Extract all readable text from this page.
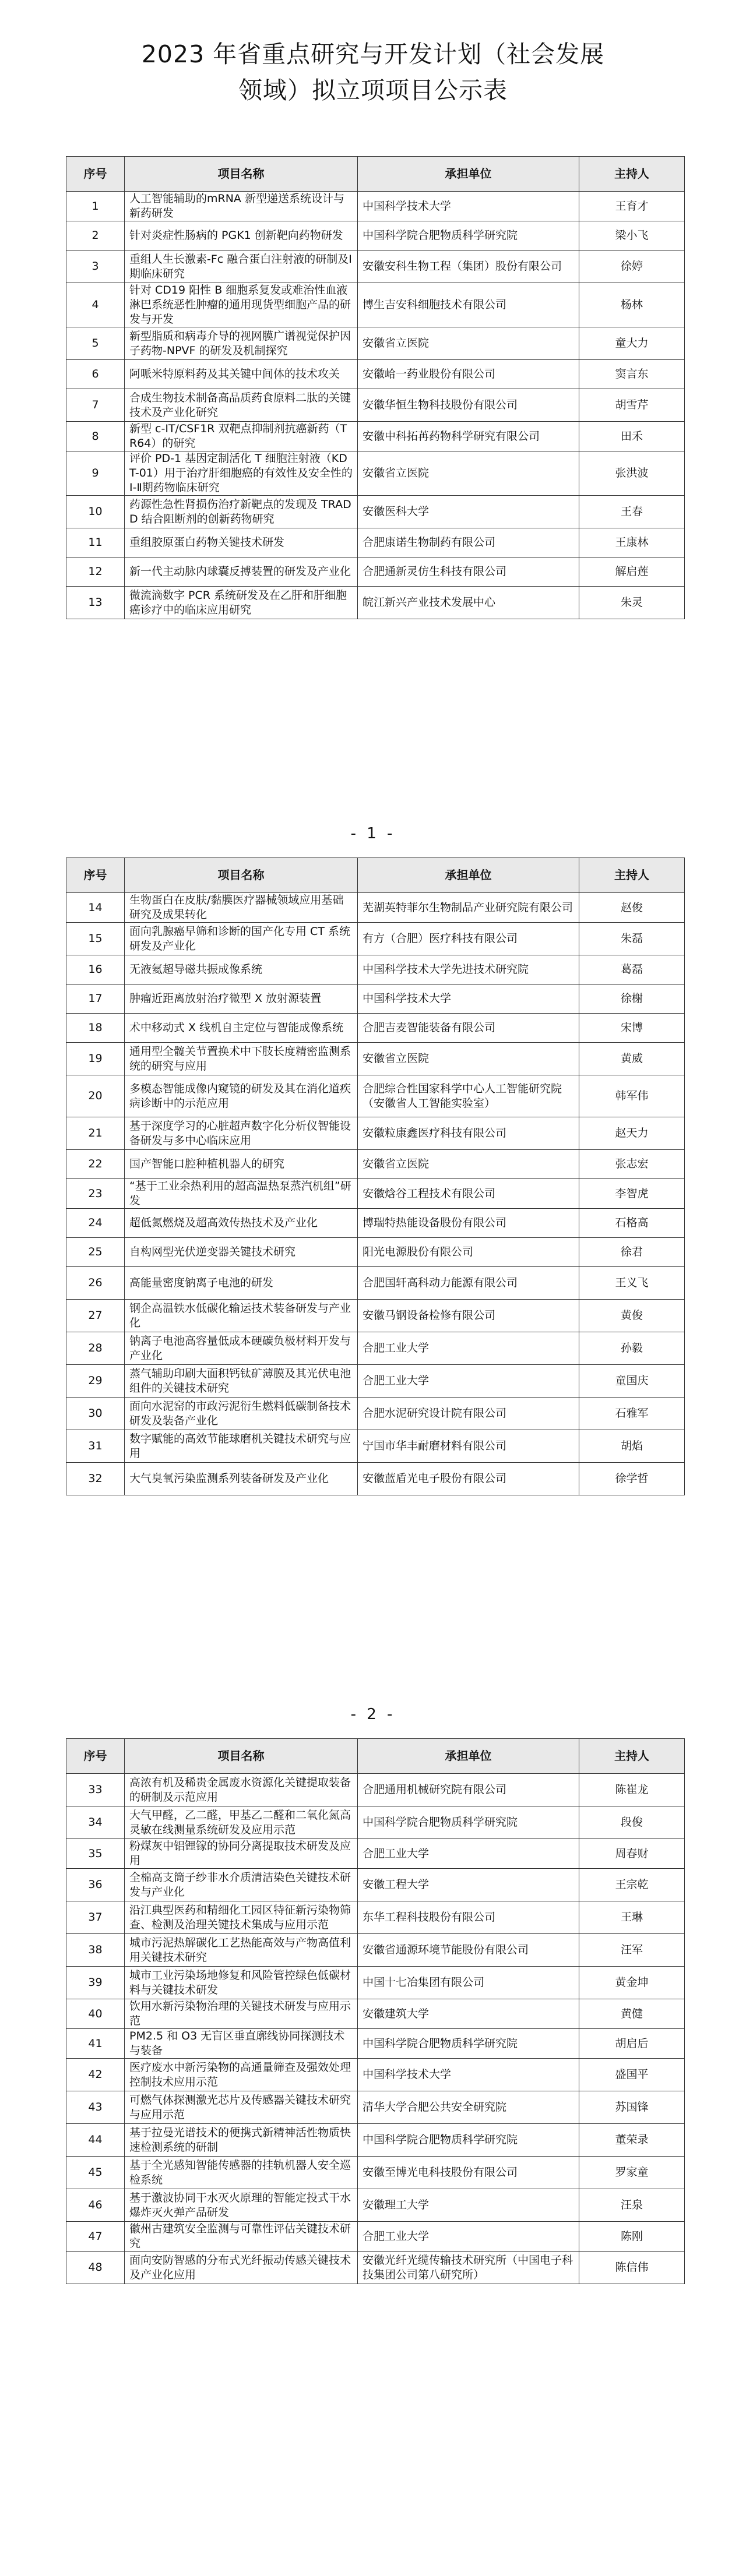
2023 年省重点研究与开发计划（社会发展
领域）拟立项项目公示表
序号	项目名称	承担单位	主持人
1	人工智能辅助的mRNA 新型递送系统设计与新药研发	中国科学技术大学	王育才
2	针对炎症性肠病的 PGK1 创新靶向药物研发	中国科学院合肥物质科学研究院	梁小飞
3	重组人生长激素-Fc 融合蛋白注射液的研制及Ⅰ期临床研究	安徽安科生物工程（集团）股份有限公司	徐婷
4	针对 CD19 阳性 B 细胞系复发或难治性血液淋巴系统恶性肿瘤的通用现货型细胞产品的研发与开发	博生吉安科细胞技术有限公司	杨林
5	新型脂质和病毒介导的视网膜广谱视觉保护因子药物-NPVF 的研发及机制探究	安徽省立医院	童大力
6	阿哌米特原料药及其关键中间体的技术攻关	安徽峆一药业股份有限公司	窦言东
7	合成生物技术制备高品质药食原料二肽的关键技术及产业化研究	安徽华恒生物科技股份有限公司	胡雪芹
8	新型 c-IT/CSF1R 双靶点抑制剂抗癌新药（TR64）的研究	安徽中科拓苒药物科学研究有限公司	田禾
9	评价 PD-1 基因定制活化 T 细胞注射液（KDT-01）用于治疗肝细胞癌的有效性及安全性的Ⅰ-Ⅱ期药物临床研究	安徽省立医院	张洪波
10	药源性急性肾损伤治疗新靶点的发现及 TRADD 结合阻断剂的创新药物研究	安徽医科大学	王春
11	重组胶原蛋白药物关键技术研发	合肥康诺生物制药有限公司	王康林
12	新一代主动脉内球囊反搏装置的研发及产业化	合肥通新灵仿生科技有限公司	解启莲
13	微流滴数字 PCR 系统研发及在乙肝和肝细胞癌诊疗中的临床应用研究	皖江新兴产业技术发展中心	朱灵
- 1 -
序号	项目名称	承担单位	主持人
14	生物蛋白在皮肤/黏膜医疗器械领域应用基础研究及成果转化	芜湖英特菲尔生物制品产业研究院有限公司	赵俊
15	面向乳腺癌早筛和诊断的国产化专用 CT 系统研发及产业化	有方（合肥）医疗科技有限公司	朱磊
16	无液氦超导磁共振成像系统	中国科学技术大学先进技术研究院	葛磊
17	肿瘤近距离放射治疗微型 X 放射源装置	中国科学技术大学	徐榭
18	术中移动式 X 线机自主定位与智能成像系统	合肥吉麦智能装备有限公司	宋博
19	通用型全髋关节置换术中下肢长度精密监测系统的研究与应用	安徽省立医院	黄威
20	多模态智能成像内窥镜的研发及其在消化道疾病诊断中的示范应用	合肥综合性国家科学中心人工智能研究院（安徽省人工智能实验室）	韩军伟
21	基于深度学习的心脏超声数字化分析仪智能设备研发与多中心临床应用	安徽粒康鑫医疗科技有限公司	赵天力
22	国产智能口腔种植机器人的研究	安徽省立医院	张志宏
23	“基于工业余热利用的超高温热泵蒸汽机组”研发	安徽焓谷工程技术有限公司	李智虎
24	超低氮燃烧及超高效传热技术及产业化	博瑞特热能设备股份有限公司	石格高
25	自构网型光伏逆变器关键技术研究	阳光电源股份有限公司	徐君
26	高能量密度钠离子电池的研发	合肥国轩高科动力能源有限公司	王义飞
27	钢企高温铁水低碳化输运技术装备研发与产业化	安徽马钢设备检修有限公司	黄俊
28	钠离子电池高容量低成本硬碳负极材料开发与产业化	合肥工业大学	孙毅
29	蒸气辅助印刷大面积钙钛矿薄膜及其光伏电池组件的关键技术研究	合肥工业大学	童国庆
30	面向水泥窑的市政污泥衍生燃料低碳制备技术研发及装备产业化	合肥水泥研究设计院有限公司	石雅军
31	数字赋能的高效节能球磨机关键技术研究与应用	宁国市华丰耐磨材料有限公司	胡焰
32	大气臭氧污染监测系列装备研发及产业化	安徽蓝盾光电子股份有限公司	徐学哲
- 2 -
序号	项目名称	承担单位	主持人
33	高浓有机及稀贵金属废水资源化关键提取装备的研制及示范应用	合肥通用机械研究院有限公司	陈崔龙
34	大气甲醛，乙二醛，甲基乙二醛和二氧化氮高灵敏在线测量系统研发及应用示范	中国科学院合肥物质科学研究院	段俊
35	粉煤灰中铝锂镓的协同分离提取技术研发及应用	合肥工业大学	周春财
36	全棉高支筒子纱非水介质清洁染色关键技术研发与产业化	安徽工程大学	王宗乾
37	沿江典型医药和精细化工园区特征新污染物筛查、检测及治理关键技术集成与应用示范	东华工程科技股份有限公司	王琳
38	城市污泥热解碳化工艺热能高效与产物高值利用关键技术研究	安徽省通源环境节能股份有限公司	汪军
39	城市工业污染场地修复和风险管控绿色低碳材料与关键技术研发	中国十七冶集团有限公司	黄金坤
40	饮用水新污染物治理的关键技术研发与应用示范	安徽建筑大学	黄健
41	PM2.5 和 O3 无盲区垂直廓线协同探测技术与装备	中国科学院合肥物质科学研究院	胡启后
42	医疗废水中新污染物的高通量筛查及强效处理控制技术应用示范	中国科学技术大学	盛国平
43	可燃气体探测激光芯片及传感器关键技术研究与应用示范	清华大学合肥公共安全研究院	苏国锋
44	基于拉曼光谱技术的便携式新精神活性物质快速检测系统的研制	中国科学院合肥物质科学研究院	董荣录
45	基于全光感知智能传感器的挂轨机器人安全巡检系统	安徽至博光电科技股份有限公司	罗家童
46	基于激波协同干水灭火原理的智能定投式干水爆炸灭火弹产品研发	安徽理工大学	汪泉
47	徽州古建筑安全监测与可靠性评估关键技术研究	合肥工业大学	陈刚
48	面向安防智感的分布式光纤振动传感关键技术及产业化应用	安徽光纤光缆传输技术研究所（中国电子科技集团公司第八研究所）	陈信伟
